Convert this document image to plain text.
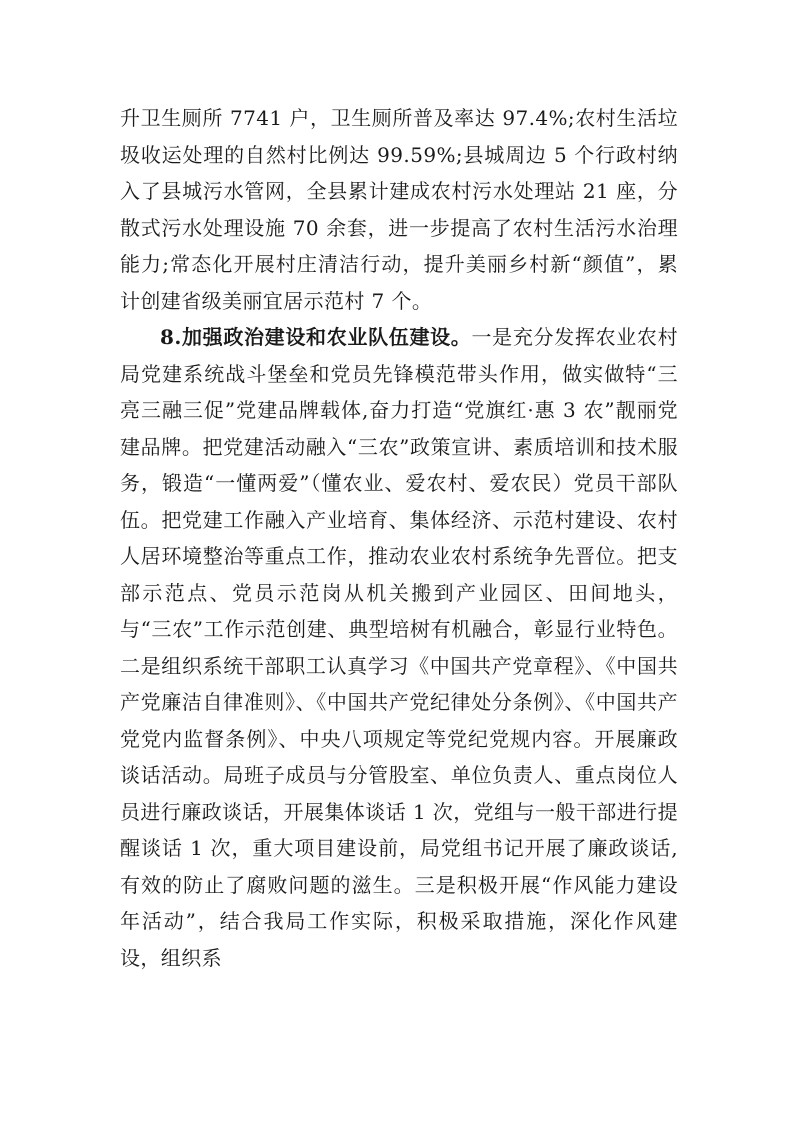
升卫生厕所 7741 户，卫生厕所普及率达 97.4%;农村生活垃圾收运处理的自然村比例达 99.59%;县城周边 5 个行政村纳入了县城污水管网，全县累计建成农村污水处理站 21 座，分散式污水处理设施 70 余套，进一步提高了农村生活污水治理能力;常态化开展村庄清洁行动，提升美丽乡村新“颜值”，累计创建省级美丽宜居示范村 7 个。

8.加强政治建设和农业队伍建设。一是充分发挥农业农村局党建系统战斗堡垒和党员先锋模范带头作用，做实做特“三亮三融三促”党建品牌载体,奋力打造“党旗红·惠 3 农”靓丽党建品牌。把党建活动融入“三农”政策宣讲、素质培训和技术服务，锻造“一懂两爱”（懂农业、爱农村、爱农民）党员干部队伍。把党建工作融入产业培育、集体经济、示范村建设、农村人居环境整治等重点工作，推动农业农村系统争先晋位。把支部示范点、党员示范岗从机关搬到产业园区、田间地头，与“三农”工作示范创建、典型培树有机融合，彰显行业特色。二是组织系统干部职工认真学习《中国共产党章程》、《中国共产党廉洁自律准则》、《中国共产党纪律处分条例》、《中国共产党党内监督条例》、中央八项规定等党纪党规内容。开展廉政谈话活动。局班子成员与分管股室、单位负责人、重点岗位人员进行廉政谈话，开展集体谈话 1 次，党组与一般干部进行提醒谈话 1 次，重大项目建设前，局党组书记开展了廉政谈话,有效的防止了腐败问题的滋生。三是积极开展“作风能力建设年活动”，结合我局工作实际，积极采取措施，深化作风建设，组织系
